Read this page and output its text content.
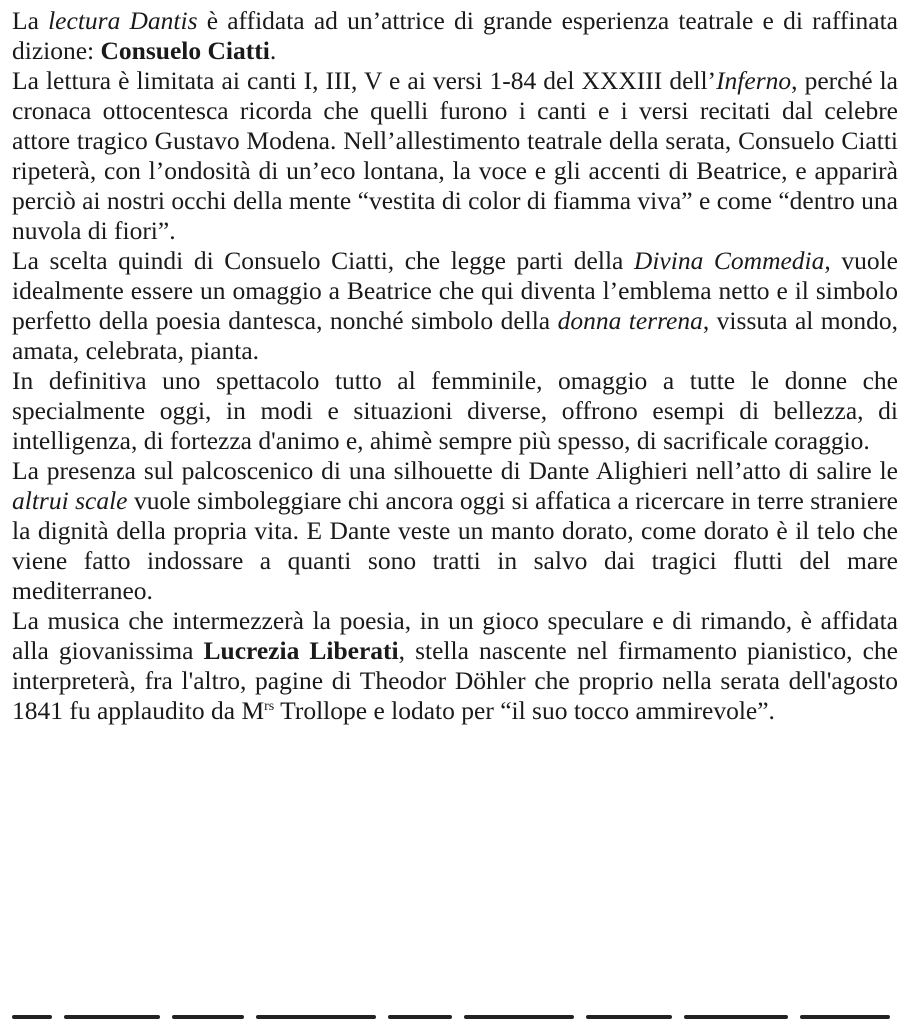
La lectura Dantis è affidata ad un’attrice di grande esperienza teatrale e di raffinata dizione: Consuelo Ciatti.

La lettura è limitata ai canti I, III, V e ai versi 1-84 del XXXIII dell’Inferno, perché la cronaca ottocentesca ricorda che quelli furono i canti e i versi recitati dal celebre attore tragico Gustavo Modena. Nell’allestimento teatrale della serata, Consuelo Ciatti ripeterà, con l’ondosità di un’eco lontana, la voce e gli accenti di Beatrice, e apparirà perciò ai nostri occhi della mente “vestita di color di fiamma viva” e come “dentro una nuvola di fiori”.

La scelta quindi di Consuelo Ciatti, che legge parti della Divina Commedia, vuole idealmente essere un omaggio a Beatrice che qui diventa l’emblema netto e il simbolo perfetto della poesia dantesca, nonché simbolo della donna terrena, vissuta al mondo, amata, celebrata, pianta.

In definitiva uno spettacolo tutto al femminile, omaggio a tutte le donne che specialmente oggi, in modi e situazioni diverse, offrono esempi di bellezza, di intelligenza, di fortezza d'animo e, ahimè sempre più spesso, di sacrificale coraggio.

La presenza sul palcoscenico di una silhouette di Dante Alighieri nell’atto di salire le altrui scale vuole simboleggiare chi ancora oggi si affatica a ricercare in terre straniere la dignità della propria vita. E Dante veste un manto dorato, come dorato è il telo che viene fatto indossare a quanti sono tratti in salvo dai tragici flutti del mare mediterraneo.

La musica che intermezzerà la poesia, in un gioco speculare e di rimando, è affidata alla giovanissima Lucrezia Liberati, stella nascente nel firmamento pianistico, che interpreterà, fra l'altro, pagine di Theodor Döhler che proprio nella serata dell'agosto 1841 fu applaudito da $M^{rs}$ Trollope e lodato per “il suo tocco ammirevole”.
